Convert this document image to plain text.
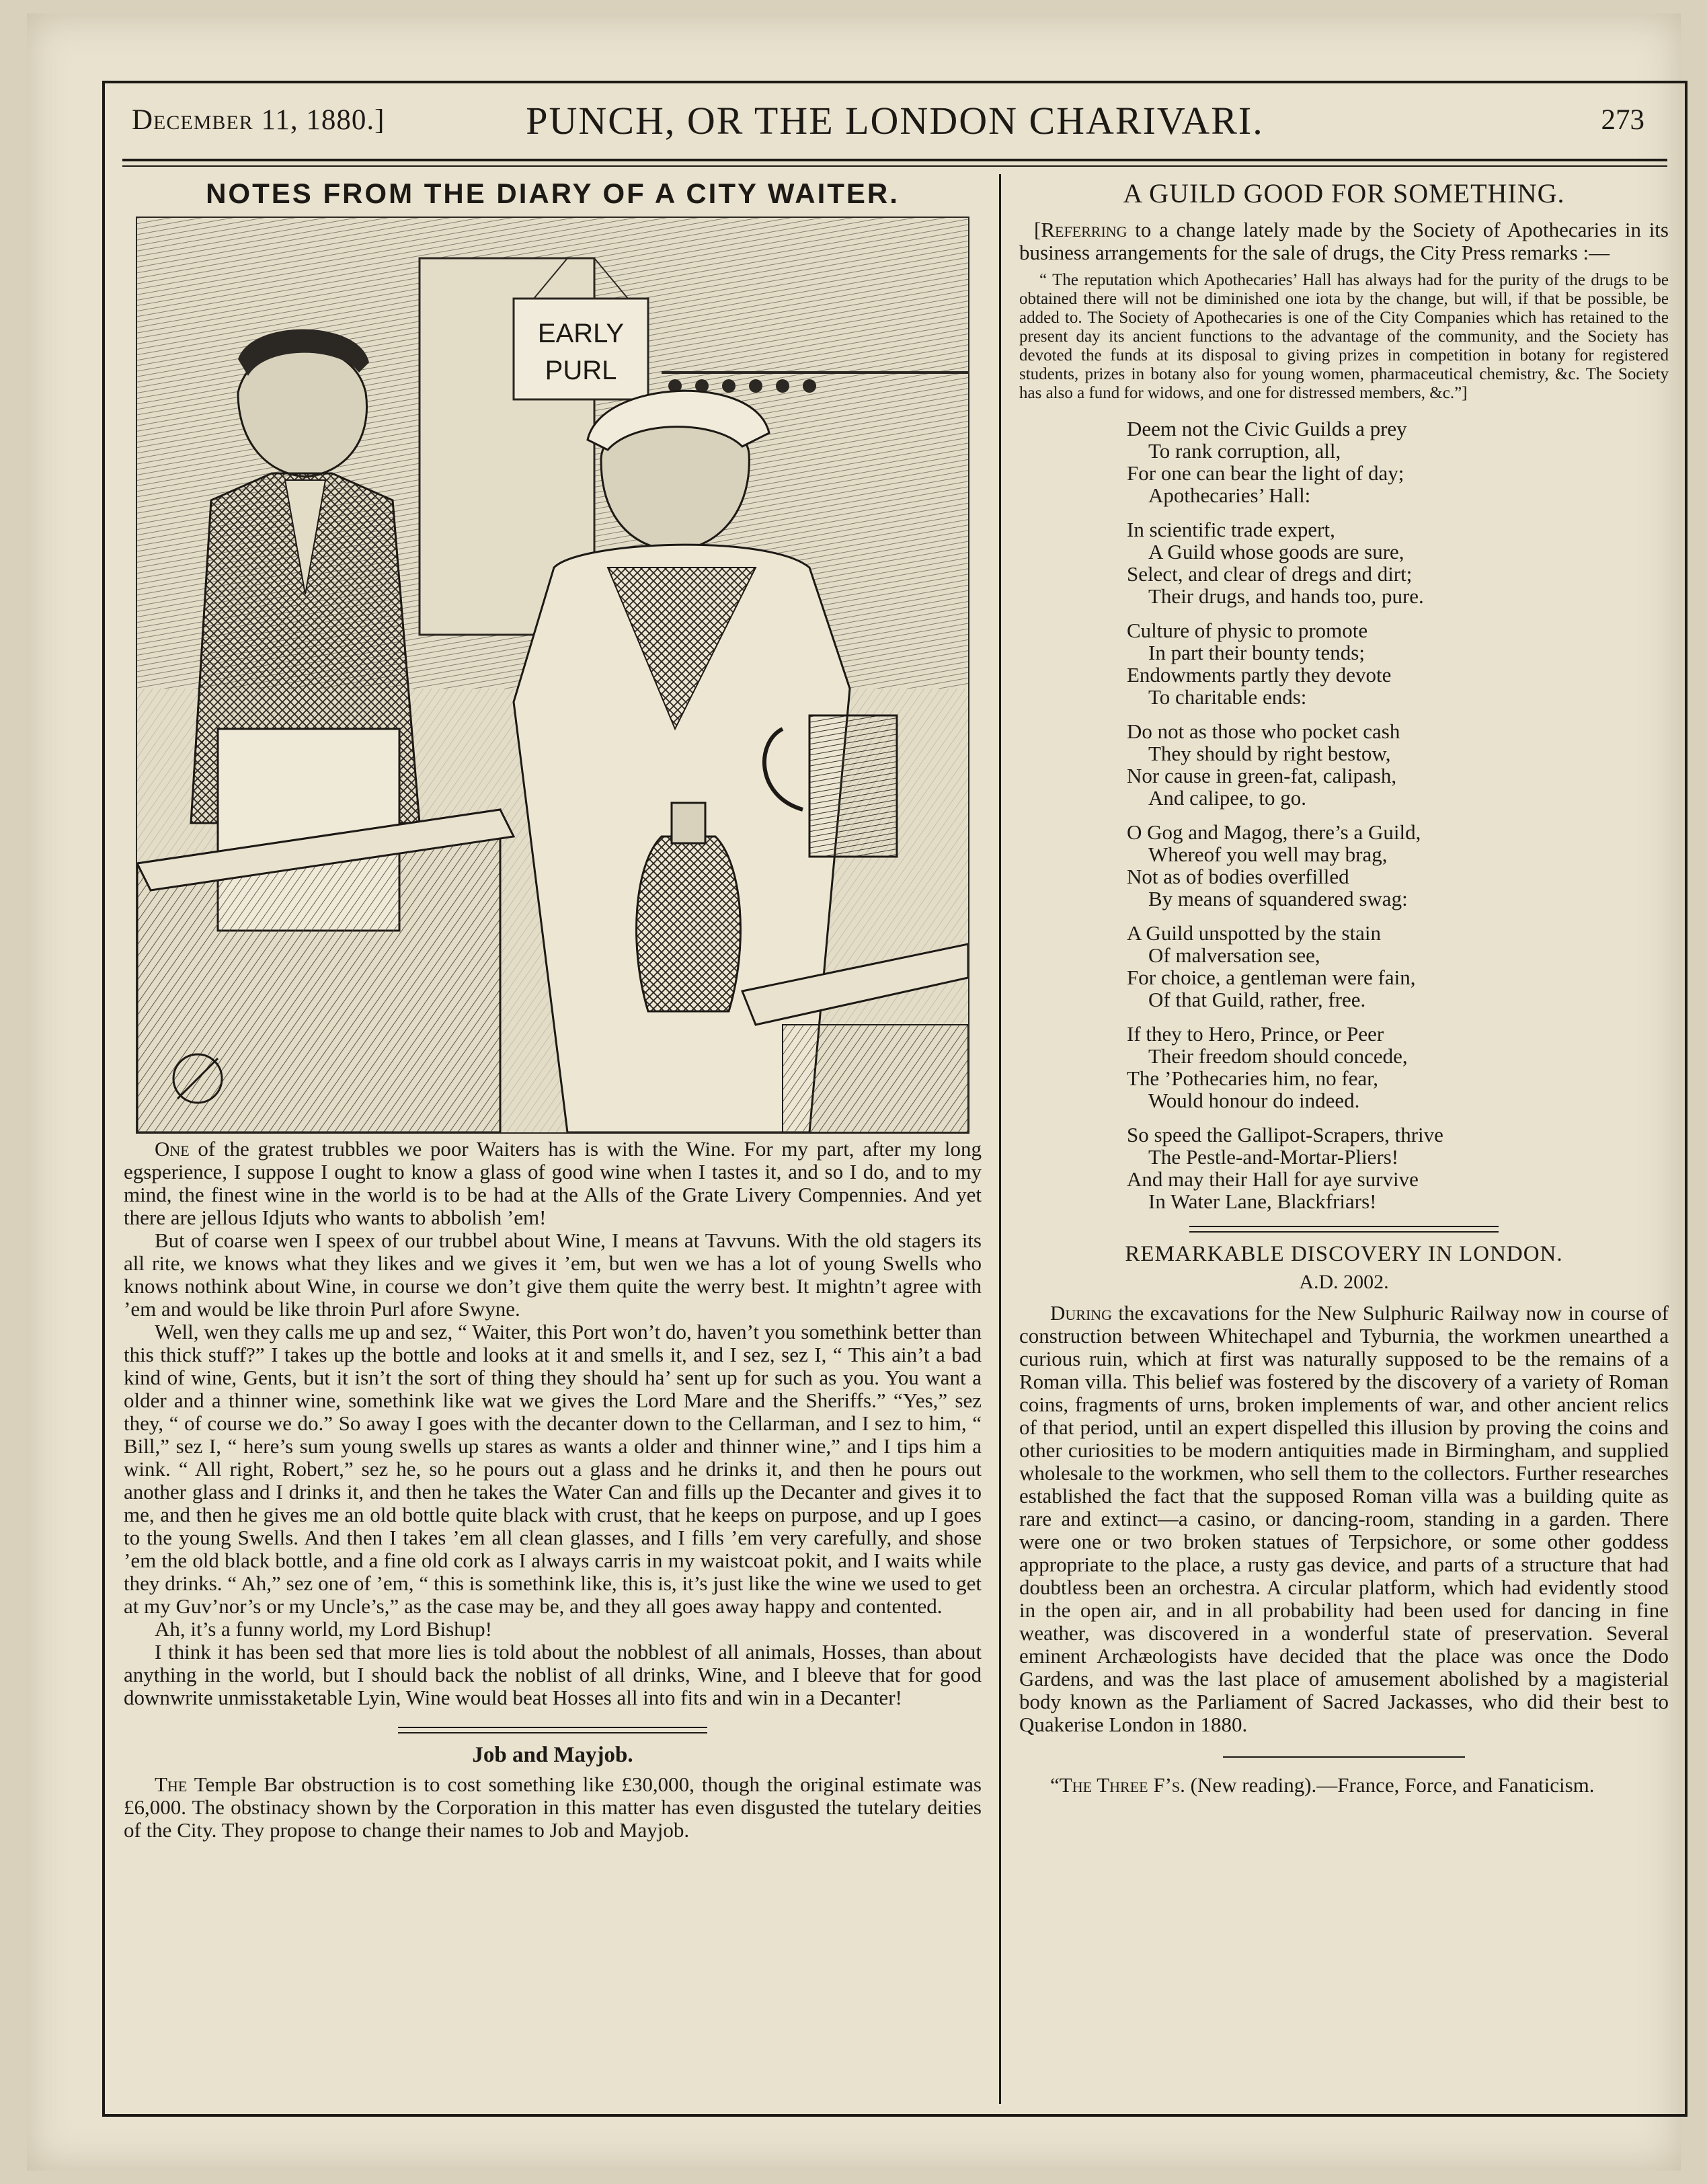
December 11, 1880.]	PUNCH, OR THE LONDON CHARIVARI.	273
NOTES FROM THE DIARY OF A CITY WAITER.
EARLY
PURL

One of the gratest trubbles we poor Waiters has is with the Wine. For my part, after my long egsperience, I suppose I ought to know a glass of good wine when I tastes it, and so I do, and to my mind, the finest wine in the world is to be had at the Alls of the Grate Livery Compennies. And yet there are jellous Idjuts who wants to abbolish ’em!

But of coarse wen I speex of our trubbel about Wine, I means at Tavvuns. With the old stagers its all rite, we knows what they likes and we gives it ’em, but wen we has a lot of young Swells who knows nothink about Wine, in course we don’t give them quite the werry best. It mightn’t agree with ’em and would be like throin Purl afore Swyne.

Well, wen they calls me up and sez, “ Waiter, this Port won’t do, haven’t you somethink better than this thick stuff?” I takes up the bottle and looks at it and smells it, and I sez, sez I, “ This ain’t a bad kind of wine, Gents, but it isn’t the sort of thing they should ha’ sent up for such as you. You want a older and a thinner wine, somethink like wat we gives the Lord Mare and the Sheriffs.” “Yes,” sez they, “ of course we do.” So away I goes with the decanter down to the Cellarman, and I sez to him, “ Bill,” sez I, “ here’s sum young swells up stares as wants a older and thinner wine,” and I tips him a wink. “ All right, Robert,” sez he, so he pours out a glass and he drinks it, and then he pours out another glass and I drinks it, and then he takes the Water Can and fills up the Decanter and gives it to me, and then he gives me an old bottle quite black with crust, that he keeps on purpose, and up I goes to the young Swells. And then I takes ’em all clean glasses, and I fills ’em very carefully, and shose ’em the old black bottle, and a fine old cork as I always carris in my waistcoat pokit, and I waits while they drinks. “ Ah,” sez one of ’em, “ this is somethink like, this is, it’s just like the wine we used to get at my Guv’nor’s or my Uncle’s,” as the case may be, and they all goes away happy and contented.

Ah, it’s a funny world, my Lord Bishup!

I think it has been sed that more lies is told about the nobblest of all animals, Hosses, than about anything in the world, but I should back the noblist of all drinks, Wine, and I bleeve that for good downwrite unmisstaketable Lyin, Wine would beat Hosses all into fits and win in a Decanter!

Job and Mayjob.

The Temple Bar obstruction is to cost something like £30,000, though the original estimate was £6,000. The obstinacy shown by the Corporation in this matter has even disgusted the tutelary deities of the City. They propose to change their names to Job and Mayjob.

A GUILD GOOD FOR SOMETHING.

[Referring to a change lately made by the Society of Apothecaries in its business arrangements for the sale of drugs, the City Press remarks :—

“ The reputation which Apothecaries’ Hall has always had for the purity of the drugs to be obtained there will not be diminished one iota by the change, but will, if that be possible, be added to. The Society of Apothecaries is one of the City Companies which has retained to the present day its ancient functions to the advantage of the community, and the Society has devoted the funds at its disposal to giving prizes in competition in botany for registered students, prizes in botany also for young women, pharmaceutical chemistry, &c. The Society has also a fund for widows, and one for distressed members, &c.”]

Deem not the Civic Guilds a prey
To rank corruption, all,
For one can bear the light of day;
Apothecaries’ Hall:
In scientific trade expert,
A Guild whose goods are sure,
Select, and clear of dregs and dirt;
Their drugs, and hands too, pure.
Culture of physic to promote
In part their bounty tends;
Endowments partly they devote
To charitable ends:
Do not as those who pocket cash
They should by right bestow,
Nor cause in green-fat, calipash,
And calipee, to go.
O Gog and Magog, there’s a Guild,
Whereof you well may brag,
Not as of bodies overfilled
By means of squandered swag:
A Guild unspotted by the stain
Of malversation see,
For choice, a gentleman were fain,
Of that Guild, rather, free.
If they to Hero, Prince, or Peer
Their freedom should concede,
The ’Pothecaries him, no fear,
Would honour do indeed.
So speed the Gallipot-Scrapers, thrive
The Pestle-and-Mortar-Pliers!
And may their Hall for aye survive
In Water Lane, Blackfriars!
REMARKABLE DISCOVERY IN LONDON.
A.D. 2002.

During the excavations for the New Sulphuric Railway now in course of construction between Whitechapel and Tyburnia, the workmen unearthed a curious ruin, which at first was naturally supposed to be the remains of a Roman villa. This belief was fostered by the discovery of a variety of Roman coins, fragments of urns, broken implements of war, and other ancient relics of that period, until an expert dispelled this illusion by proving the coins and other curiosities to be modern antiquities made in Birmingham, and supplied wholesale to the workmen, who sell them to the collectors. Further researches established the fact that the supposed Roman villa was a building quite as rare and extinct—a casino, or dancing-room, standing in a garden. There were one or two broken statues of Terpsichore, or some other goddess appropriate to the place, a rusty gas device, and parts of a structure that had doubtless been an orchestra. A circular platform, which had evidently stood in the open air, and in all probability had been used for dancing in fine weather, was discovered in a wonderful state of preservation. Several eminent Archæologists have decided that the place was once the Dodo Gardens, and was the last place of amusement abolished by a magisterial body known as the Parliament of Sacred Jackasses, who did their best to Quakerise London in 1880.

“The Three F’s. (New reading).—France, Force, and Fanaticism.
